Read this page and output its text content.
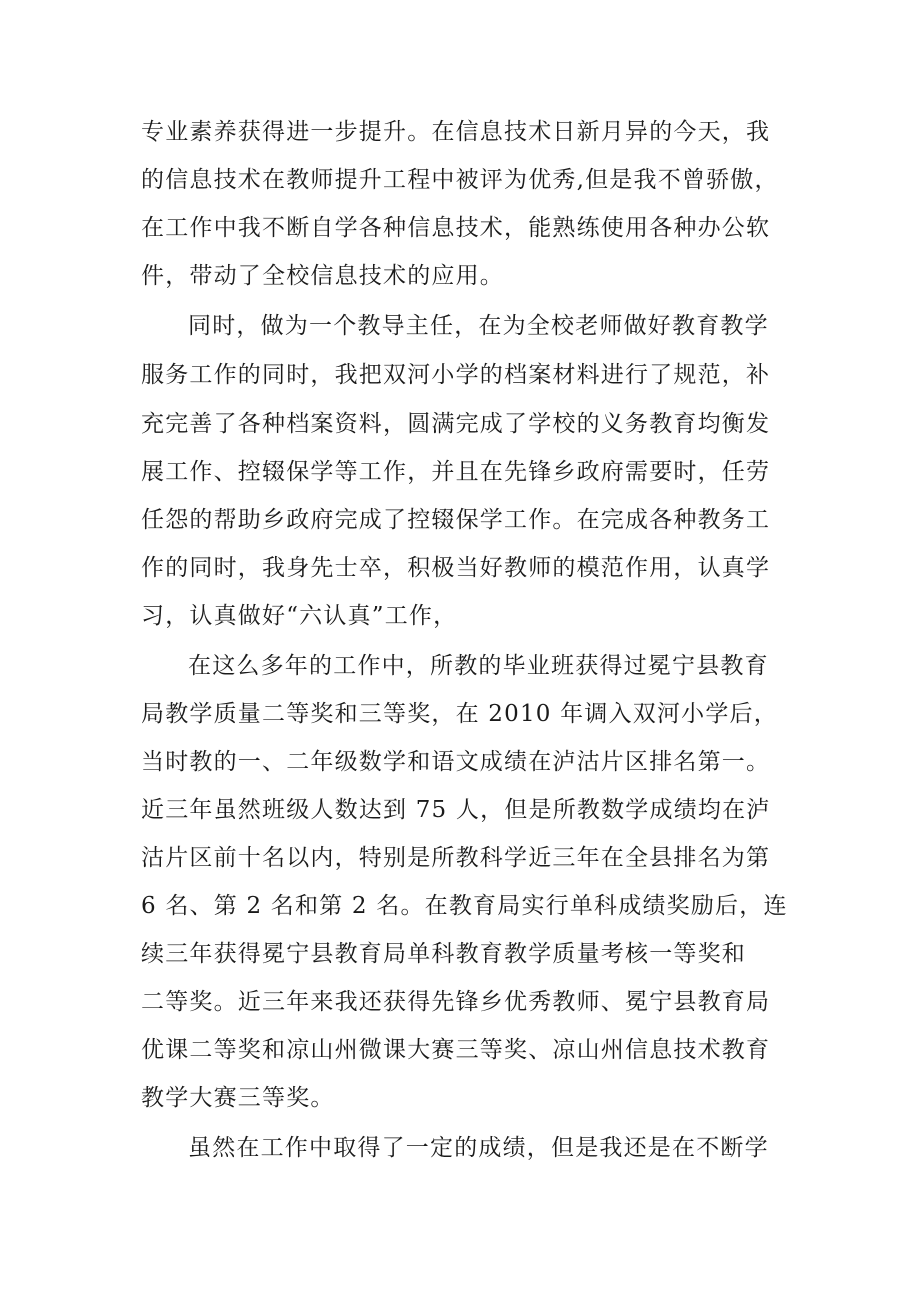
专业素养获得进一步提升。在信息技术日新月异的今天，我
的信息技术在教师提升工程中被评为优秀,但是我不曾骄傲，
在工作中我不断自学各种信息技术，能熟练使用各种办公软
件，带动了全校信息技术的应用。
同时，做为一个教导主任，在为全校老师做好教育教学
服务工作的同时，我把双河小学的档案材料进行了规范，补
充完善了各种档案资料，圆满完成了学校的义务教育均衡发
展工作、控辍保学等工作，并且在先锋乡政府需要时，任劳
任怨的帮助乡政府完成了控辍保学工作。在完成各种教务工
作的同时，我身先士卒，积极当好教师的模范作用，认真学
习，认真做好“六认真”工作，
在这么多年的工作中，所教的毕业班获得过冕宁县教育
局教学质量二等奖和三等奖，在 2010 年调入双河小学后，
当时教的一、二年级数学和语文成绩在泸沽片区排名第一。
近三年虽然班级人数达到 75 人，但是所教数学成绩均在泸
沽片区前十名以内，特别是所教科学近三年在全县排名为第
6 名、第 2 名和第 2 名。在教育局实行单科成绩奖励后，连
续三年获得冕宁县教育局单科教育教学质量考核一等奖和
二等奖。近三年来我还获得先锋乡优秀教师、冕宁县教育局
优课二等奖和凉山州微课大赛三等奖、凉山州信息技术教育
教学大赛三等奖。
虽然在工作中取得了一定的成绩，但是我还是在不断学
